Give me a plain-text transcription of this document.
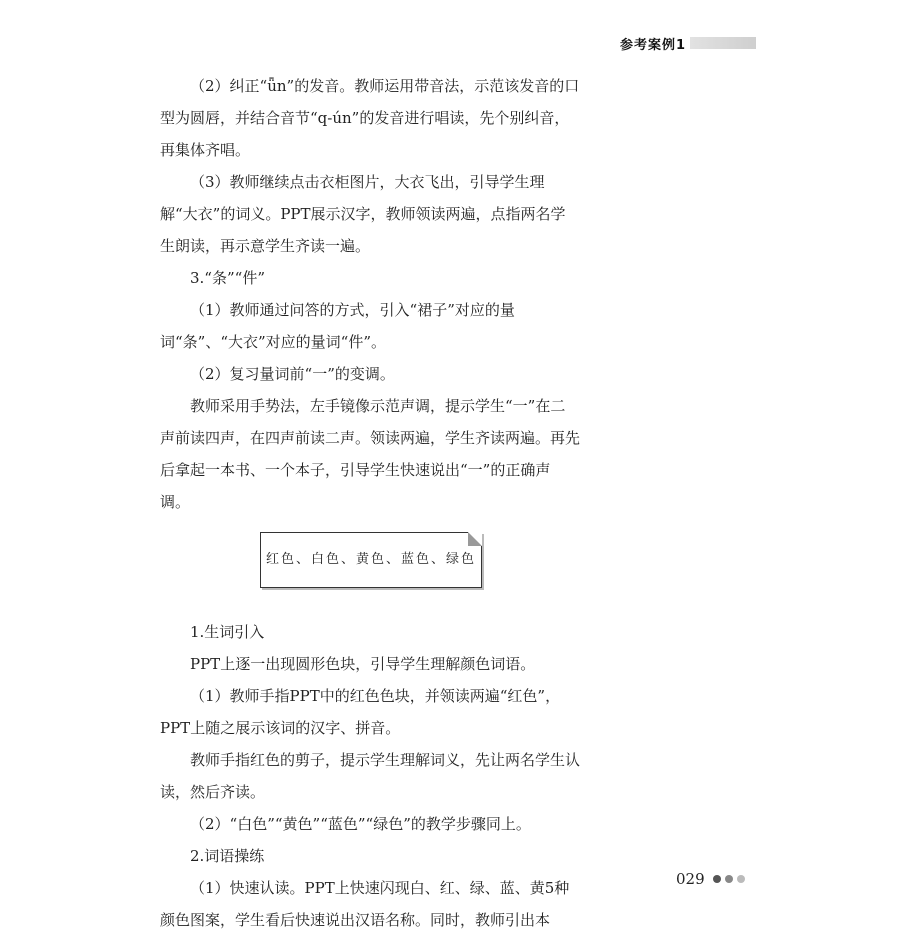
参考案例1

（2）纠正“ǖn”的发音。教师运用带音法，示范该发音的口型为圆唇，并结合音节“q-ún”的发音进行唱读，先个别纠音，再集体齐唱。

（3）教师继续点击衣柜图片，大衣飞出，引导学生理解“大衣”的词义。PPT展示汉字，教师领读两遍，点指两名学生朗读，再示意学生齐读一遍。

3.“条”“件”

（1）教师通过问答的方式，引入“裙子”对应的量词“条”、“大衣”对应的量词“件”。

（2）复习量词前“一”的变调。

教师采用手势法，左手镜像示范声调，提示学生“一”在二声前读四声，在四声前读二声。领读两遍，学生齐读两遍。再先后拿起一本书、一个本子，引导学生快速说出“一”的正确声调。

红色、白色、黄色、蓝色、绿色

1.生词引入

PPT上逐一出现圆形色块，引导学生理解颜色词语。

（1）教师手指PPT中的红色色块，并领读两遍“红色”，PPT上随之展示该词的汉字、拼音。

教师手指红色的剪子，提示学生理解词义，先让两名学生认读，然后齐读。

（2）“白色”“黄色”“蓝色”“绿色”的教学步骤同上。

2.词语操练

（1）快速认读。PPT上快速闪现白、红、绿、蓝、黄5种颜色图案，学生看后快速说出汉语名称。同时，教师引出本

029
